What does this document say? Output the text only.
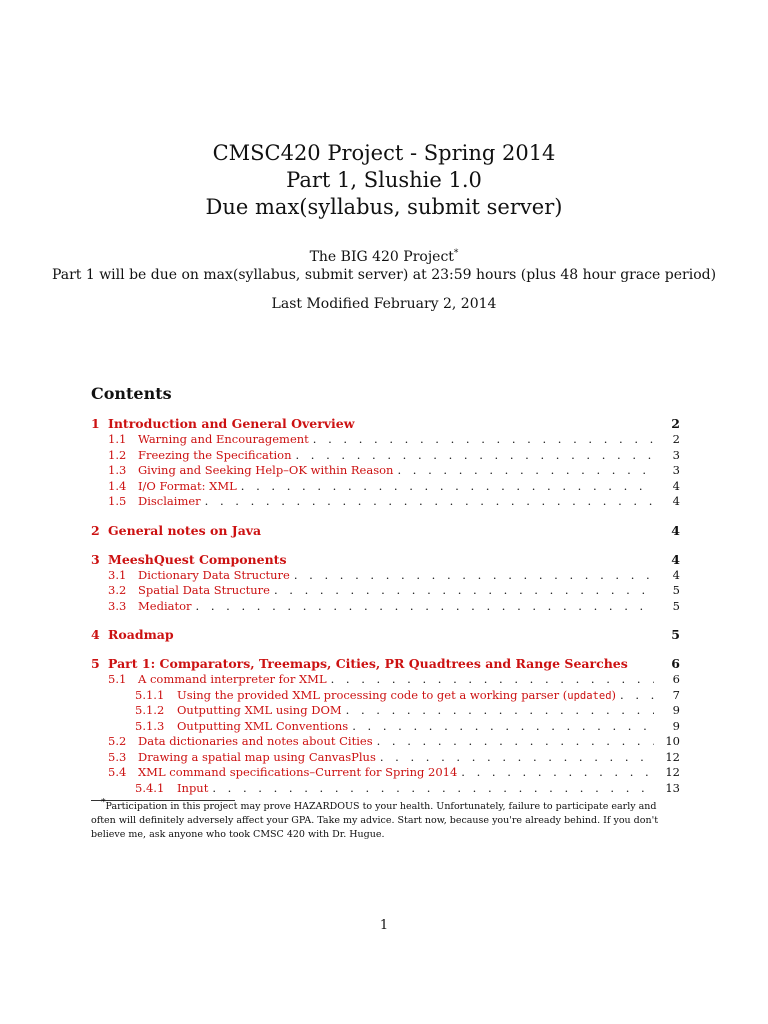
CMSC420 Project - Spring 2014
Part 1, Slushie 1.0
Due max(syllabus, submit server)
The BIG 420 Project*
Part 1 will be due on max(syllabus, submit server) at 23:59 hours (plus 48 hour grace period)
Last Modified February 2, 2014
Contents
1 Introduction and General Overview	2
1.1	Warning and Encouragement . . .	2
1.2	Freezing the Specification . . .	3
1.3	Giving and Seeking Help–OK within Reason . . .	3
1.4	I/O Format: XML . . .	4
1.5	Disclaimer . . .	4
2 General notes on Java	4
3 MeeshQuest Components	4
3.1	Dictionary Data Structure . . .	4
3.2	Spatial Data Structure . . .	5
3.3	Mediator . . .	5
4 Roadmap	5
5 Part 1: Comparators, Treemaps, Cities, PR Quadtrees and Range Searches	6
5.1	A command interpreter for XML . . .	6
5.1.1	Using the provided XML processing code to get a working parser (updated) . . .	7
5.1.2	Outputting XML using DOM . . .	9
5.1.3	Outputting XML Conventions . . .	9
5.2	Data dictionaries and notes about Cities . . .	10
5.3	Drawing a spatial map using CanvasPlus . . .	12
5.4	XML command specifications–Current for Spring 2014 . . .	12
5.4.1	Input . . .	13
*Participation in this project may prove HAZARDOUS to your health. Unfortunately, failure to participate early and often will definitely adversely affect your GPA. Take my advice. Start now, because you're already behind. If you don't believe me, ask anyone who took CMSC 420 with Dr. Hugue.
1
